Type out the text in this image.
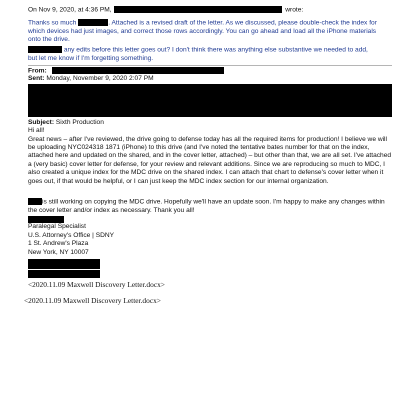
On Nov 9, 2020, at 4:36 PM,	wrote:
Thanks so much	. Attached is a revised draft of the letter. As we discussed, please double-check the index for
which devices had just images, and correct those rows accordingly. You can go ahead and load all the iPhone materials
onto the drive.
any edits before this letter goes out? I don't think there was anything else substantive we needed to add,
but let me know if I'm forgetting something.
From:
Sent: Monday, November 9, 2020 2:07 PM
Subject: Sixth Production
Hi all!
Great news – after I've reviewed, the drive going to defense today has all the required items for production! I believe we will be uploading NYC024318 1871 (iPhone) to this drive (and I've noted the tentative bates number for that on the index, attached here and updated on the shared, and in the cover letter, attached) – but other than that, we are all set. I've attached a (very basic) cover letter for defense, for your review and relevant additions. Since we are reproducing so much to MDC, I also created a unique index for the MDC drive on the shared index. I can attach that chart to defense's cover letter when it goes out, if that would be helpful, or I can just keep the MDC index section for our internal organization.
is still working on copying the MDC drive. Hopefully we'll have an update soon. I'm happy to make any changes within the cover letter and/or index as necessary. Thank you all!
Paralegal Specialist
U.S. Attorney's Office | SDNY
1 St. Andrew's Plaza
New York, NY 10007
<2020.11.09 Maxwell Discovery Letter.docx>
<2020.11.09 Maxwell Discovery Letter.docx>
